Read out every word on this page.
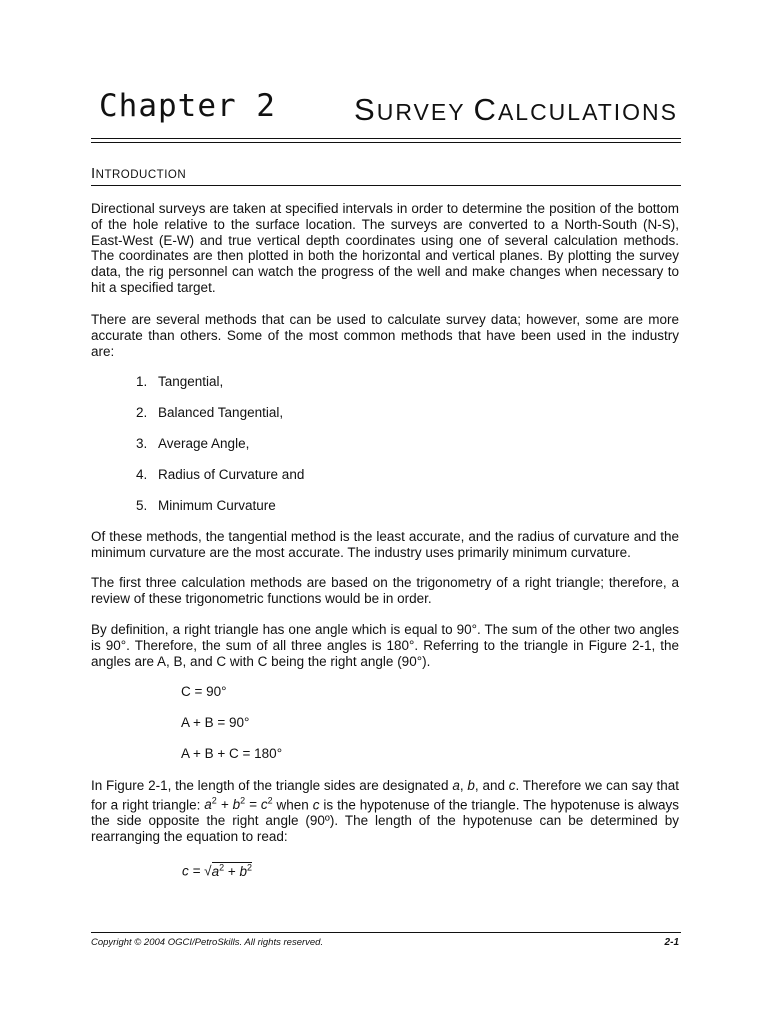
Chapter 2	SURVEY CALCULATIONS
INTRODUCTION

Directional surveys are taken at specified intervals in order to determine the position of the bottom of the hole relative to the surface location. The surveys are converted to a North-South (N-S), East-West (E-W) and true vertical depth coordinates using one of several calculation methods. The coordinates are then plotted in both the horizontal and vertical planes. By plotting the survey data, the rig personnel can watch the progress of the well and make changes when necessary to hit a specified target.

There are several methods that can be used to calculate survey data; however, some are more accurate than others. Some of the most common methods that have been used in the industry are:

1. Tangential,
2. Balanced Tangential,
3. Average Angle,
4. Radius of Curvature and
5. Minimum Curvature

Of these methods, the tangential method is the least accurate, and the radius of curvature and the minimum curvature are the most accurate. The industry uses primarily minimum curvature.

The first three calculation methods are based on the trigonometry of a right triangle; therefore, a review of these trigonometric functions would be in order.

By definition, a right triangle has one angle which is equal to 90°. The sum of the other two angles is 90°. Therefore, the sum of all three angles is 180°. Referring to the triangle in Figure 2-1, the angles are A, B, and C with C being the right angle (90°).

C = 90°
A + B = 90°
A + B + C = 180°

In Figure 2-1, the length of the triangle sides are designated a, b, and c. Therefore we can say that for a right triangle: $a^2 + b^2 = c^2$ when c is the hypotenuse of the triangle. The hypotenuse is always the side opposite the right angle (90º). The length of the hypotenuse can be determined by rearranging the equation to read:

$c = √a^2 + b^2$
Copyright © 2004 OGCI/PetroSkills. All rights reserved.	2-1
